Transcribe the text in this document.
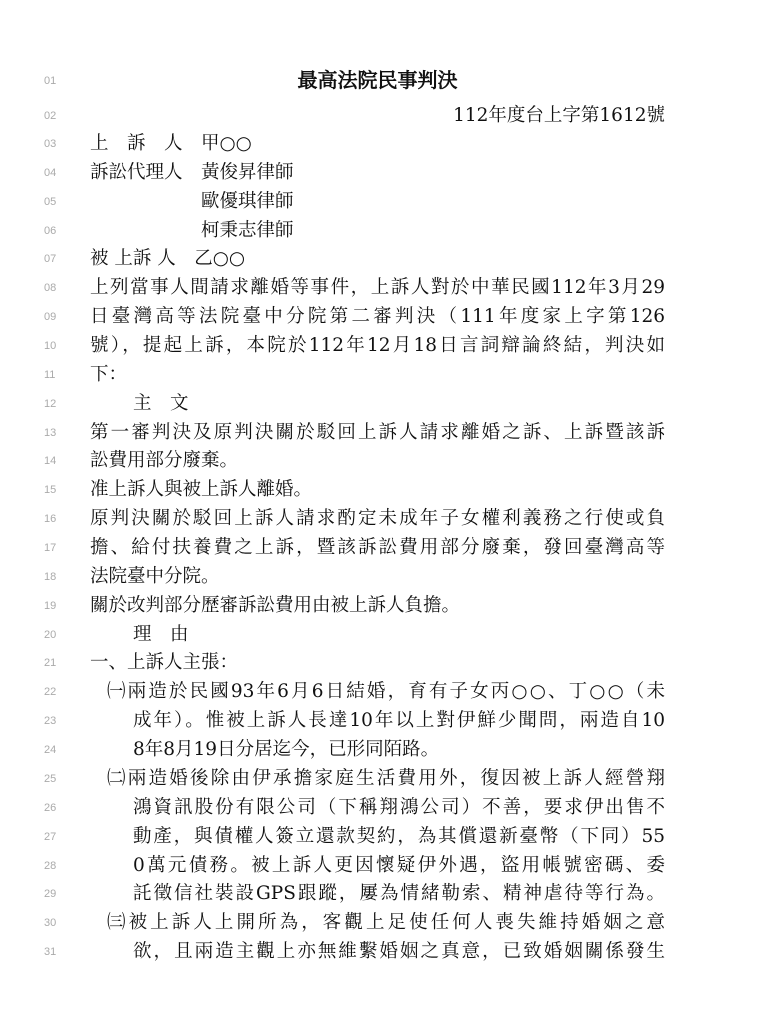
01	最高法院民事判決
02	112年度台上字第1612號
03	上　訴　人　甲○○
04	訴訟代理人　黃俊昇律師
05	　　　　　　歐優琪律師
06	　　　　　　柯秉志律師
07	被 上訴 人　乙○○
08	上列當事人間請求離婚等事件，上訴人對於中華民國112年3月29
09	日臺灣高等法院臺中分院第二審判決（111年度家上字第126
10	號），提起上訴，本院於112年12月18日言詞辯論終結，判決如
11	下：
12	主　文
13	第一審判決及原判決關於駁回上訴人請求離婚之訴、上訴暨該訴
14	訟費用部分廢棄。
15	准上訴人與被上訴人離婚。
16	原判決關於駁回上訴人請求酌定未成年子女權利義務之行使或負
17	擔、給付扶養費之上訴，暨該訴訟費用部分廢棄，發回臺灣高等
18	法院臺中分院。
19	關於改判部分歷審訴訟費用由被上訴人負擔。
20	理　由
21	一、上訴人主張：
22	㈠兩造於民國93年6月6日結婚，育有子女丙○○、丁○○（未
23	成年）。惟被上訴人長達10年以上對伊鮮少聞問，兩造自10
24	8年8月19日分居迄今，已形同陌路。
25	㈡兩造婚後除由伊承擔家庭生活費用外，復因被上訴人經營翔
26	鴻資訊股份有限公司（下稱翔鴻公司）不善，要求伊出售不
27	動產，與債權人簽立還款契約，為其償還新臺幣（下同）55
28	0萬元債務。被上訴人更因懷疑伊外遇，盜用帳號密碼、委
29	託徵信社裝設GPS跟蹤，屢為情緒勒索、精神虐待等行為。
30	㈢被上訴人上開所為，客觀上足使任何人喪失維持婚姻之意
31	欲，且兩造主觀上亦無維繫婚姻之真意，已致婚姻關係發生
